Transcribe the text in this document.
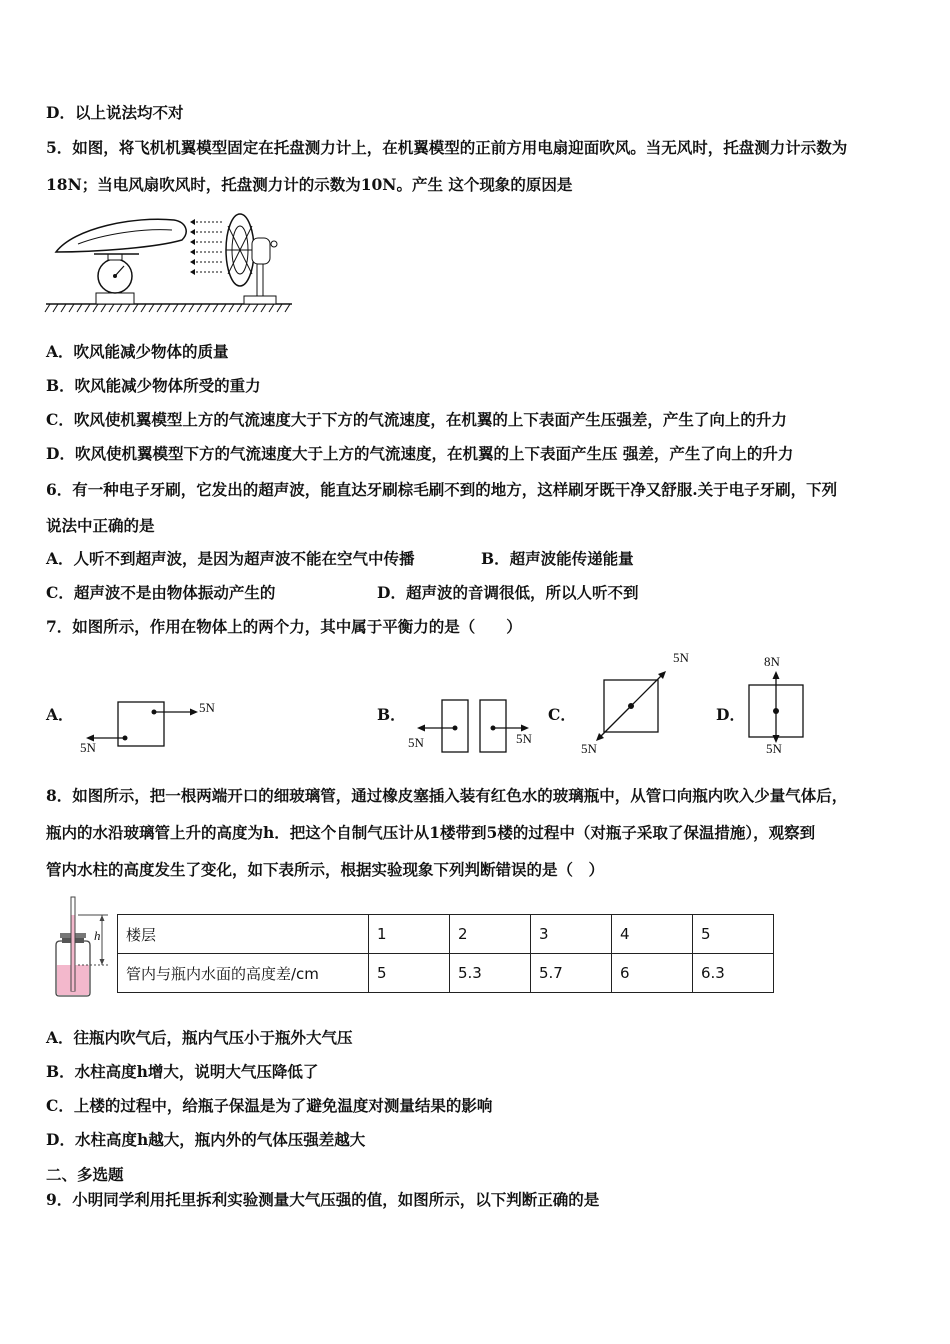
D．以上说法均不对
5．如图，将飞机机翼模型固定在托盘测力计上，在机翼模型的正前方用电扇迎面吹风。当无风时，托盘测力计示数为
18N；当电风扇吹风时，托盘测力计的示数为10N。产生 这个现象的原因是
A．吹风能减少物体的质量
B．吹风能减少物体所受的重力
C．吹风使机翼模型上方的气流速度大于下方的气流速度，在机翼的上下表面产生压强差，产生了向上的升力
D．吹风使机翼模型下方的气流速度大于上方的气流速度，在机翼的上下表面产生压 强差，产生了向上的升力
6．有一种电子牙刷，它发出的超声波，能直达牙刷棕毛刷不到的地方，这样刷牙既干净又舒服.关于电子牙刷，下列
说法中正确的是
A．人听不到超声波，是因为超声波不能在空气中传播	B．超声波能传递能量
C．超声波不是由物体振动产生的	D．超声波的音调很低，所以人听不到
7．如图所示，作用在物体上的两个力，其中属于平衡力的是（　　）
A．	5N
5N
B．
5N	5N
C．
5N
5N
D．
8N
5N
8．如图所示，把一根两端开口的细玻璃管，通过橡皮塞插入装有红色水的玻璃瓶中，从管口向瓶内吹入少量气体后，
瓶内的水沿玻璃管上升的高度为h．把这个自制气压计从1楼带到5楼的过程中（对瓶子采取了保温措施），观察到
管内水柱的高度发生了变化，如下表所示，根据实验现象下列判断错误的是（　）
h 楼层	1	2	3	4	5
管内与瓶内水面的高度差/cm	5	5.3	5.7	6	6.3
A．往瓶内吹气后，瓶内气压小于瓶外大气压
B．水柱高度h增大，说明大气压降低了
C．上楼的过程中，给瓶子保温是为了避免温度对测量结果的影响
D．水柱高度h越大，瓶内外的气体压强差越大
二、多选题
9．小明同学利用托里拆利实验测量大气压强的值，如图所示，以下判断正确的是
